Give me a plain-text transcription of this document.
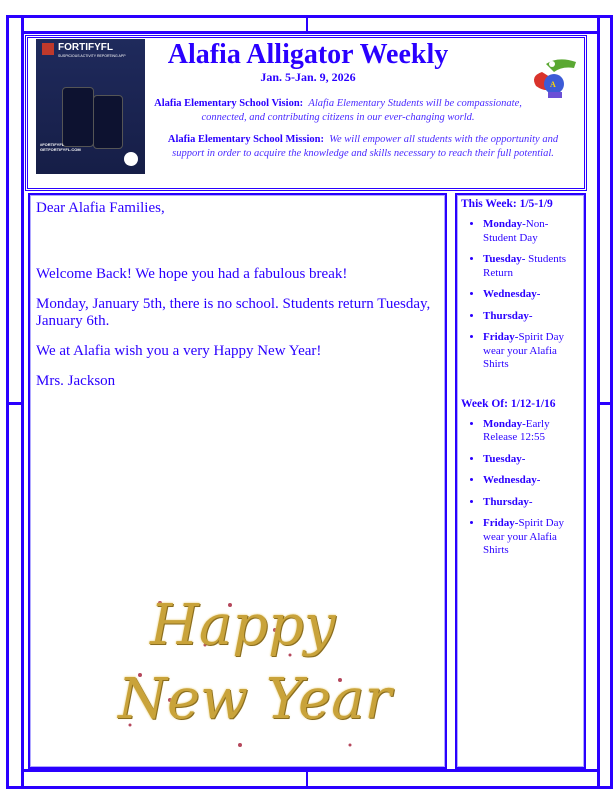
FORTIFYFL
SUSPICIOUS ACTIVITY REPORTING APP
#FORTIFYFL
GETFORTIFYFL.COM
Alafia Alligator Weekly
Jan. 5-Jan. 9, 2026
A
Alafia Elementary School Vision: Alafia Elementary Students will be compassionate, connected, and contributing citizens in our ever-changing world.
Alafia Elementary School Mission: We will empower all students with the opportunity and support in order to acquire the knowledge and skills necessary to reach their full potential.

Dear Alafia Families,

Welcome Back! We hope you had a fabulous break!

Monday, January 5th, there is no school. Students return Tuesday, January 6th.

We at Alafia wish you a very Happy New Year!

Mrs. Jackson

Happy
New Year
This Week: 1/5-1/9
• Monday-Non-Student Day
• Tuesday- Students Return
• Wednesday-
• Thursday-
• Friday-Spirit Day wear your Alafia Shirts
Week Of: 1/12-1/16
• Monday-Early Release 12:55
• Tuesday-
• Wednesday-
• Thursday-
• Friday-Spirit Day wear your Alafia Shirts
